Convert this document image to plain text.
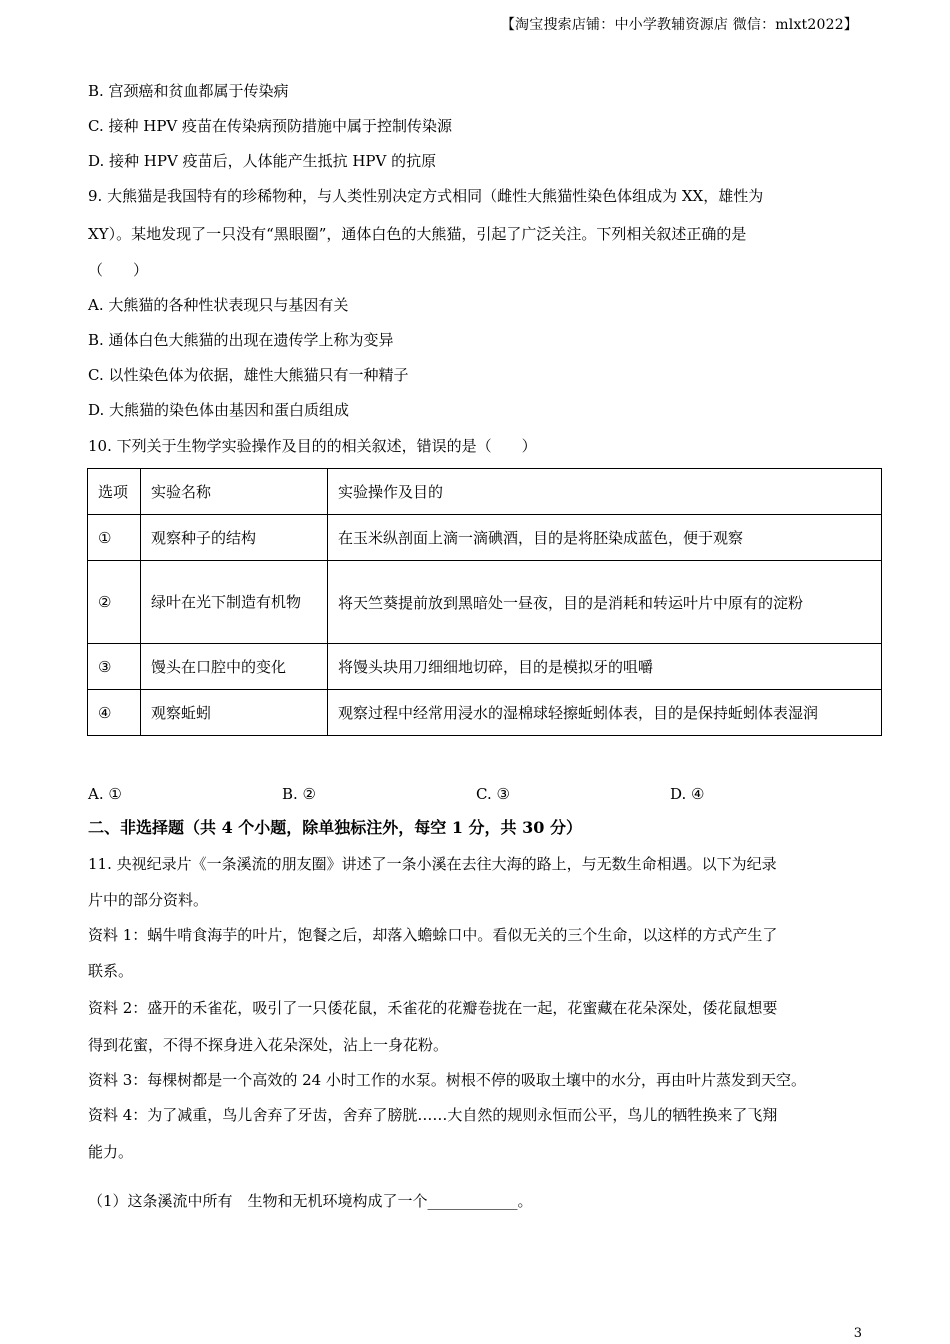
【淘宝搜索店铺：中小学教辅资源店 微信：mlxt2022】
B. 宫颈癌和贫血都属于传染病
C. 接种 HPV 疫苗在传染病预防措施中属于控制传染源
D. 接种 HPV 疫苗后，人体能产生抵抗 HPV 的抗原
9. 大熊猫是我国特有的珍稀物种，与人类性别决定方式相同（雌性大熊猫性染色体组成为 XX，雄性为
XY）。某地发现了一只没有“黑眼圈”，通体白色的大熊猫，引起了广泛关注。下列相关叙述正确的是
（　　）
A. 大熊猫的各种性状表现只与基因有关
B. 通体白色大熊猫的出现在遗传学上称为变异
C. 以性染色体为依据，雄性大熊猫只有一种精子
D. 大熊猫的染色体由基因和蛋白质组成
10. 下列关于生物学实验操作及目的的相关叙述，错误的是（　　）
选项	实验名称	实验操作及目的
①	观察种子的结构	在玉米纵剖面上滴一滴碘酒，目的是将胚染成蓝色，便于观察
②	绿叶在光下制造有机物	将天竺葵提前放到黑暗处一昼夜，目的是消耗和转运叶片中原有的淀粉
③	馒头在口腔中的变化	将馒头块用刀细细地切碎，目的是模拟牙的咀嚼
④	观察蚯蚓	观察过程中经常用浸水的湿棉球轻擦蚯蚓体表，目的是保持蚯蚓体表湿润
A. ①	B. ②	C. ③	D. ④
二、非选择题（共 4 个小题，除单独标注外，每空 1 分，共 30 分）
11. 央视纪录片《一条溪流的朋友圈》讲述了一条小溪在去往大海的路上，与无数生命相遇。以下为纪录
片中的部分资料。
资料 1：蜗牛啃食海芋的叶片，饱餐之后，却落入蟾蜍口中。看似无关的三个生命，以这样的方式产生了
联系。
资料 2：盛开的禾雀花，吸引了一只倭花鼠，禾雀花的花瓣卷拢在一起，花蜜藏在花朵深处，倭花鼠想要
得到花蜜，不得不探身进入花朵深处，沾上一身花粉。
资料 3：每棵树都是一个高效的 24 小时工作的水泵。树根不停的吸取土壤中的水分，再由叶片蒸发到天空。
资料 4：为了减重，鸟儿舍弃了牙齿，舍弃了膀胱……大自然的规则永恒而公平，鸟儿的牺牲换来了飞翔
能力。
（1）这条溪流中所有　生物和无机环境构成了一个____________。
3
